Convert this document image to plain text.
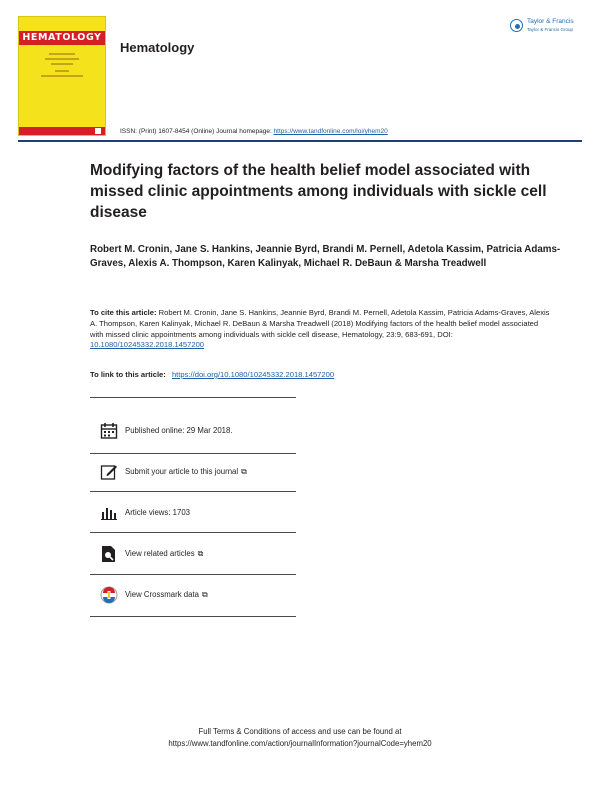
HEMATOLOGY
Hematology
Taylor & Francis
Taylor & Francis Group
ISSN: (Print) 1607-8454 (Online) Journal homepage: https://www.tandfonline.com/loi/yhem20
Modifying factors of the health belief model associated with missed clinic appointments among individuals with sickle cell disease
Robert M. Cronin, Jane S. Hankins, Jeannie Byrd, Brandi M. Pernell, Adetola Kassim, Patricia Adams-Graves, Alexis A. Thompson, Karen Kalinyak, Michael R. DeBaun & Marsha Treadwell
To cite this article: Robert M. Cronin, Jane S. Hankins, Jeannie Byrd, Brandi M. Pernell, Adetola Kassim, Patricia Adams-Graves, Alexis A. Thompson, Karen Kalinyak, Michael R. DeBaun & Marsha Treadwell (2018) Modifying factors of the health belief model associated with missed clinic appointments among individuals with sickle cell disease, Hematology, 23:9, 683-691, DOI: 10.1080/10245332.2018.1457200
To link to this article: https://doi.org/10.1080/10245332.2018.1457200
Published online: 29 Mar 2018.
Submit your article to this journal ⧉
Article views: 1703
View related articles ⧉
View Crossmark data ⧉
Full Terms & Conditions of access and use can be found at
https://www.tandfonline.com/action/journalInformation?journalCode=yhem20
